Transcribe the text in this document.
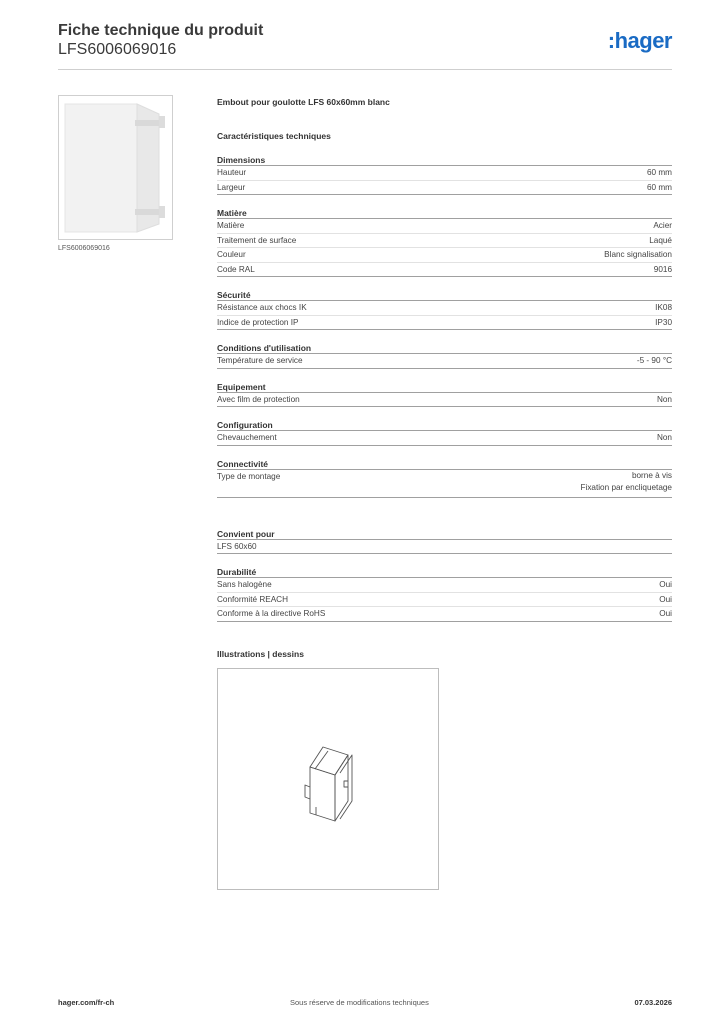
Fiche technique du produit
LFS6006069016	:hager
LFS6006069016
Embout pour goulotte LFS 60x60mm blanc
Caractéristiques techniques
Dimensions
Hauteur	60 mm
Largeur	60 mm
Matière
Matière	Acier
Traitement de surface	Laqué
Couleur	Blanc signalisation
Code RAL	9016
Sécurité
Résistance aux chocs IK	IK08
Indice de protection IP	IP30
Conditions d'utilisation
Température de service	-5 - 90 °C
Equipement
Avec film de protection	Non
Configuration
Chevauchement	Non
Connectivité
Type de montage	borne à vis
Fixation par encliquetage
Convient pour
LFS 60x60
Durabilité
Sans halogène	Oui
Conformité REACH	Oui
Conforme à la directive RoHS	Oui
Illustrations | dessins
hager.com/fr-ch	Sous réserve de modifications techniques	07.03.2026
